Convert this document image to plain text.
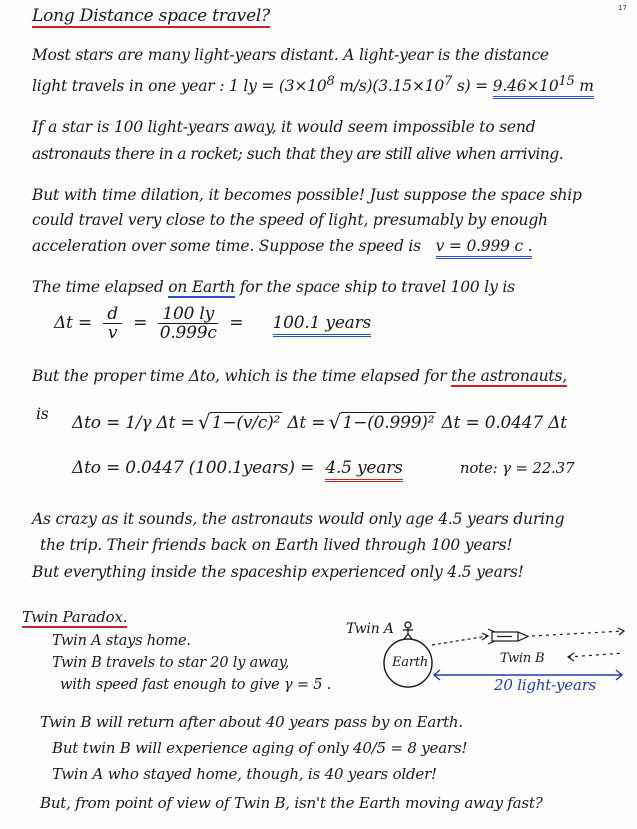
17
Long Distance space travel?
Most stars are many light-years distant. A light-year is the distance
light travels in one year : 1 ly = ($3\times 10^8$ $m/s)(3.15\times 10^7$ $s) = 9.46\times 10^{15}$ m
If a star is 100 light-years away, it would seem impossible to send
astronauts there in a rocket; such that they are still alive when arriving.
But with time dilation, it becomes possible! Just suppose the space ship
could travel very close to the speed of light, presumably by enough
acceleration over some time. Suppose the speed is v = 0.999 c .
The time elapsed on Earth for the space ship to travel 100 ly is
$\Delta t = \frac{d}{v} = \frac{100 ly}{0.999c} = 100.1$ years
But the proper time Δto, which is the time elapsed for the astronauts,
is Δto = 1/γ Δt = √ 1−(v/c)² Δt = √ 1−(0.999)² Δt = 0.0447 Δt
Δto = 0.0447 (100.1years) = 4.5 years	note: γ = 22.37
As crazy as it sounds, the astronauts would only age 4.5 years during
the trip. Their friends back on Earth lived through 100 years!
But everything inside the spaceship experienced only 4.5 years!
Twin Paradox.
Twin A stays home.
Twin B travels to star 20 ly away,
with speed fast enough to give γ = 5 .
Twin A
Earth	Twin B
20 light-years
Twin B will return after about 40 years pass by on Earth.
But twin B will experience aging of only 40/5 = 8 years!
Twin A who stayed home, though, is 40 years older!
But, from point of view of Twin B, isn't the Earth moving away fast?
